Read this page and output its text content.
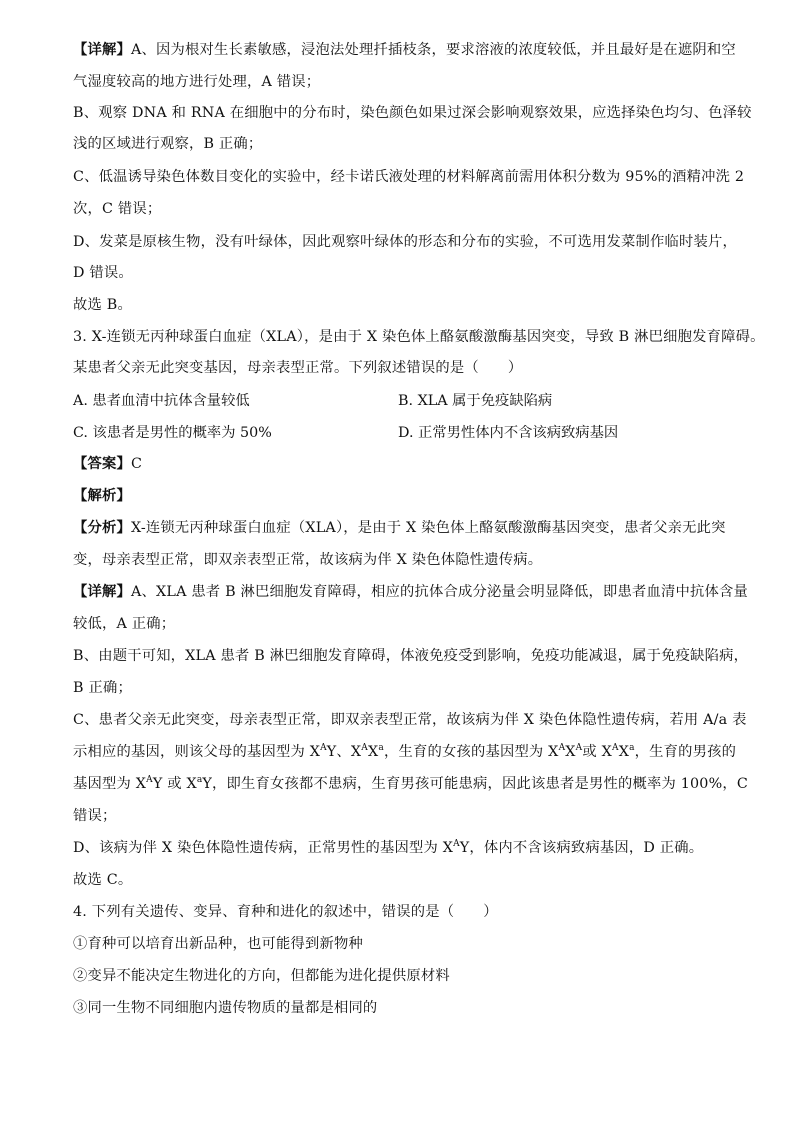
【详解】A、因为根对生长素敏感，浸泡法处理扦插枝条，要求溶液的浓度较低，并且最好是在遮阴和空
气湿度较高的地方进行处理，A 错误；
B、观察 DNA 和 RNA 在细胞中的分布时，染色颜色如果过深会影响观察效果，应选择染色均匀、色泽较
浅的区域进行观察，B 正确；
C、低温诱导染色体数目变化的实验中，经卡诺氏液处理的材料解离前需用体积分数为 95%的酒精冲洗 2
次，C 错误；
D、发菜是原核生物，没有叶绿体，因此观察叶绿体的形态和分布的实验，不可选用发菜制作临时装片，
D 错误。
故选 B。
3. X-连锁无丙种球蛋白血症（XLA），是由于 X 染色体上酪氨酸激酶基因突变，导致 B 淋巴细胞发育障碍。
某患者父亲无此突变基因，母亲表型正常。下列叙述错误的是（　　）
A. 患者血清中抗体含量较低	B. XLA 属于免疫缺陷病
C. 该患者是男性的概率为 50%	D. 正常男性体内不含该病致病基因
【答案】C
【解析】
【分析】X-连锁无丙种球蛋白血症（XLA），是由于 X 染色体上酪氨酸激酶基因突变，患者父亲无此突
变，母亲表型正常，即双亲表型正常，故该病为伴 X 染色体隐性遗传病。
【详解】A、XLA 患者 B 淋巴细胞发育障碍，相应的抗体合成分泌量会明显降低，即患者血清中抗体含量
较低，A 正确；
B、由题干可知，XLA 患者 B 淋巴细胞发育障碍，体液免疫受到影响，免疫功能减退，属于免疫缺陷病，
B 正确；
C、患者父亲无此突变，母亲表型正常，即双亲表型正常，故该病为伴 X 染色体隐性遗传病，若用 A/a 表
示相应的基因，则该父母的基因型为 $X^AY$、$X^AX^a$，生育的女孩的基因型为 $X^AX^A$或 $X^AX^a$，生育的男孩的
基因型为 $X^AY$ 或 $X^aY$，即生育女孩都不患病，生育男孩可能患病，因此该患者是男性的概率为 100%，C
错误；
D、该病为伴 X 染色体隐性遗传病，正常男性的基因型为 $X^AY$，体内不含该病致病基因，D 正确。
故选 C。
4. 下列有关遗传、变异、育种和进化的叙述中，错误的是（　　）
①育种可以培育出新品种，也可能得到新物种
②变异不能决定生物进化的方向，但都能为进化提供原材料
③同一生物不同细胞内遗传物质的量都是相同的
